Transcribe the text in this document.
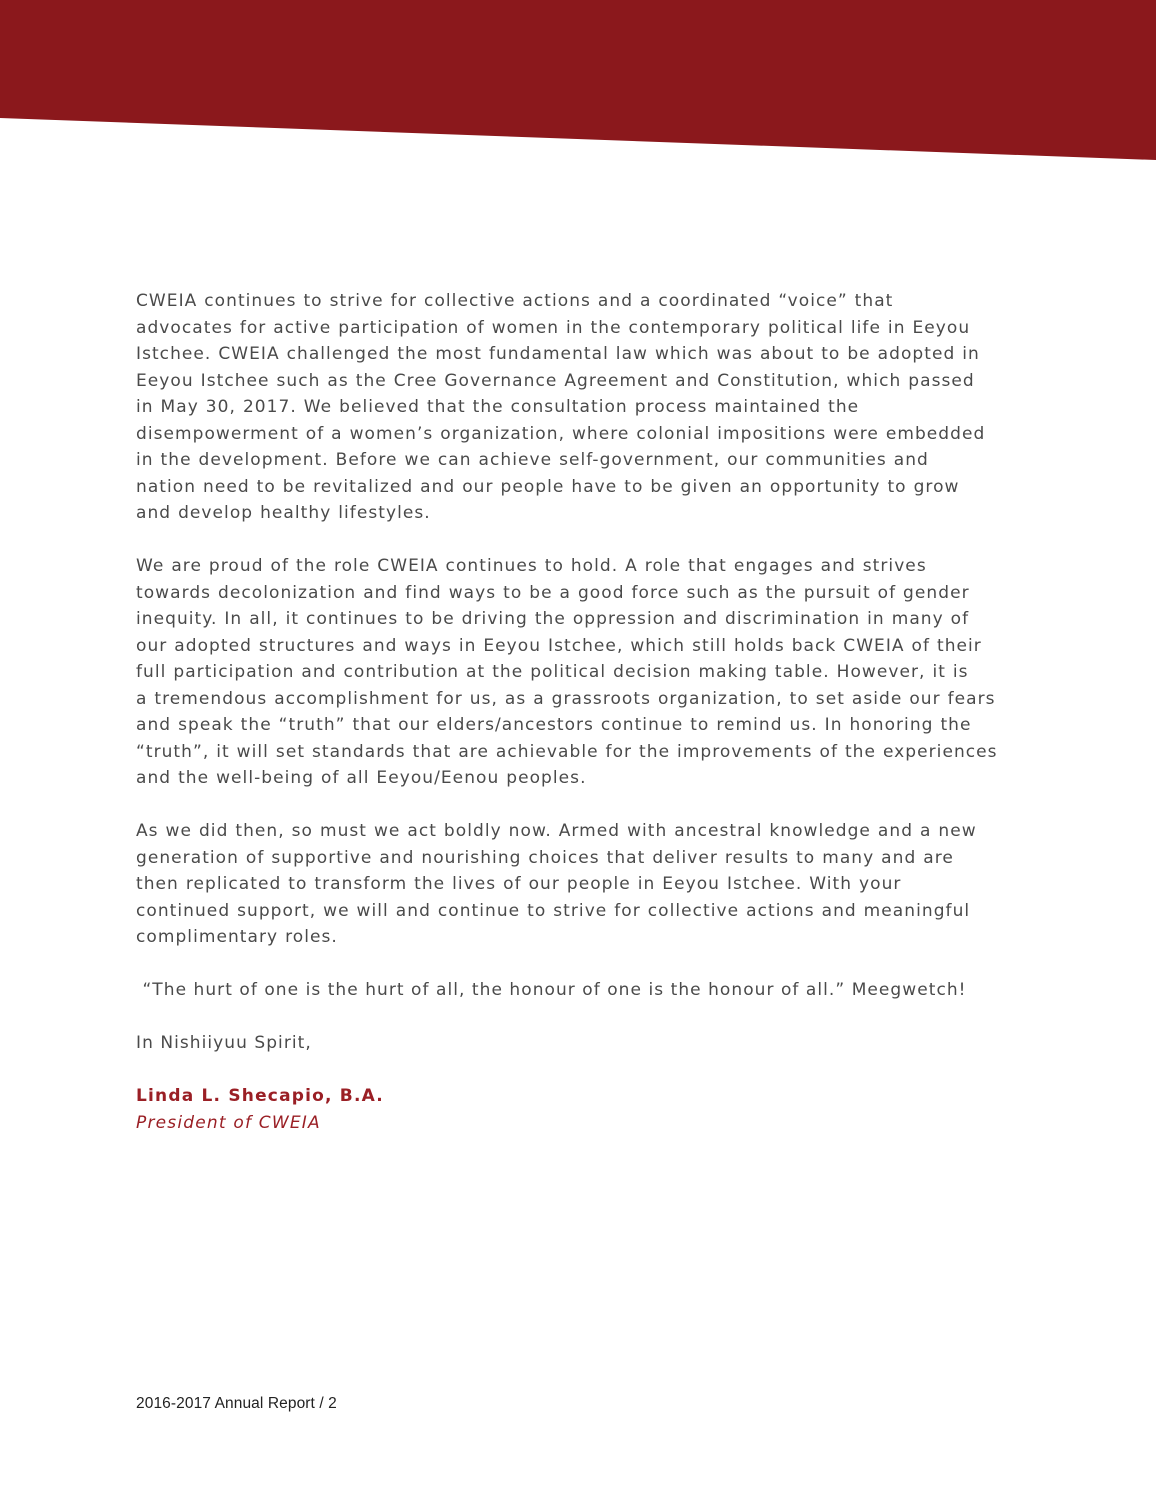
CWEIA continues to strive for collective actions and a coordinated “voice” that
advocates for active participation of women in the contemporary political life in Eeyou
Istchee. CWEIA challenged the most fundamental law which was about to be adopted in
Eeyou Istchee such as the Cree Governance Agreement and Constitution, which passed
in May 30, 2017. We believed that the consultation process maintained the
disempowerment of a women’s organization, where colonial impositions were embedded
in the development. Before we can achieve self-government, our communities and
nation need to be revitalized and our people have to be given an opportunity to grow
and develop healthy lifestyles.

We are proud of the role CWEIA continues to hold. A role that engages and strives
towards decolonization and find ways to be a good force such as the pursuit of gender
inequity. In all, it continues to be driving the oppression and discrimination in many of
our adopted structures and ways in Eeyou Istchee, which still holds back CWEIA of their
full participation and contribution at the political decision making table. However, it is
a tremendous accomplishment for us, as a grassroots organization, to set aside our fears
and speak the “truth” that our elders/ancestors continue to remind us. In honoring the
“truth”, it will set standards that are achievable for the improvements of the experiences
and the well-being of all Eeyou/Eenou peoples.

As we did then, so must we act boldly now. Armed with ancestral knowledge and a new
generation of supportive and nourishing choices that deliver results to many and are
then replicated to transform the lives of our people in Eeyou Istchee. With your
continued support, we will and continue to strive for collective actions and meaningful
complimentary roles.

“The hurt of one is the hurt of all, the honour of one is the honour of all.” Meegwetch!

In Nishiiyuu Spirit,

Linda L. Shecapio, B.A.

President of CWEIA

2016-2017 Annual Report / 2
